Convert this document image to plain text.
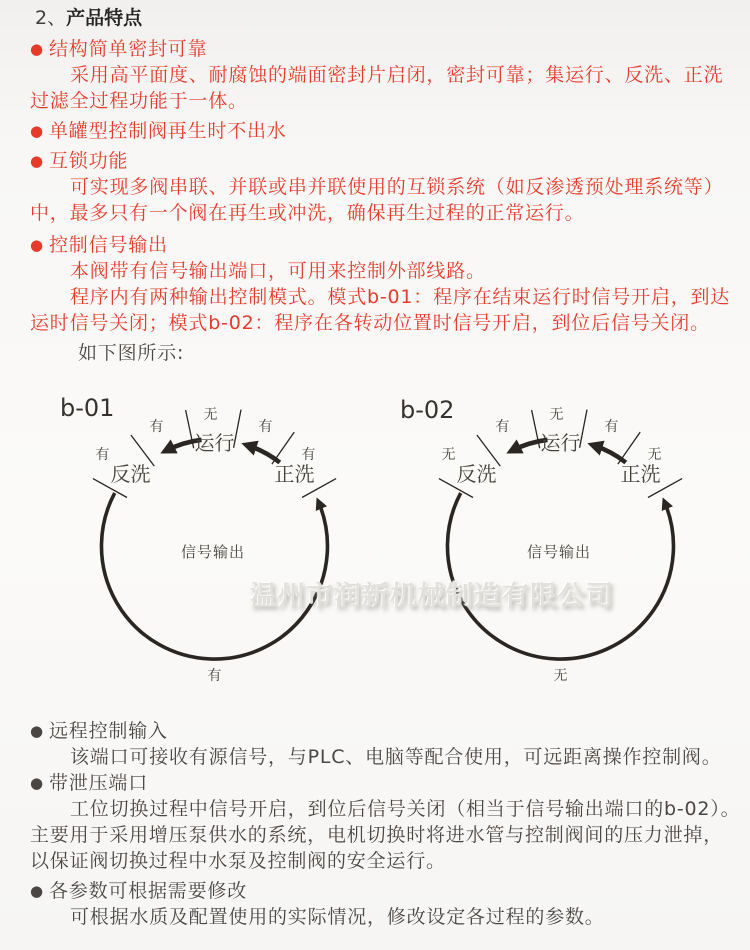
2、产品特点
● 结构简单密封可靠
采用高平面度、耐腐蚀的端面密封片启闭，密封可靠；集运行、反洗、正洗
过滤全过程功能于一体。
● 单罐型控制阀再生时不出水
● 互锁功能
可实现多阀串联、并联或串并联使用的互锁系统（如反渗透预处理系统等）
中，最多只有一个阀在再生或冲洗，确保再生过程的正常运行。
● 控制信号输出
本阀带有信号输出端口，可用来控制外部线路。
程序内有两种输出控制模式。模式b-01：程序在结束运行时信号开启，到达
运时信号关闭；模式b-02：程序在各转动位置时信号开启，到位后信号关闭。
如下图所示:
b-01
反洗
运行
正洗
有
有
无
有
有
有
信号输出
b-02
反洗
运行
正洗
无
有
无
有
无
无
信号输出
温州市润新机械制造有限公司
● 远程控制输入
该端口可接收有源信号，与PLC、电脑等配合使用，可远距离操作控制阀。
● 带泄压端口
工位切换过程中信号开启，到位后信号关闭（相当于信号输出端口的b-02）。
主要用于采用增压泵供水的系统，电机切换时将进水管与控制阀间的压力泄掉，
以保证阀切换过程中水泵及控制阀的安全运行。
● 各参数可根据需要修改
可根据水质及配置使用的实际情况，修改设定各过程的参数。
